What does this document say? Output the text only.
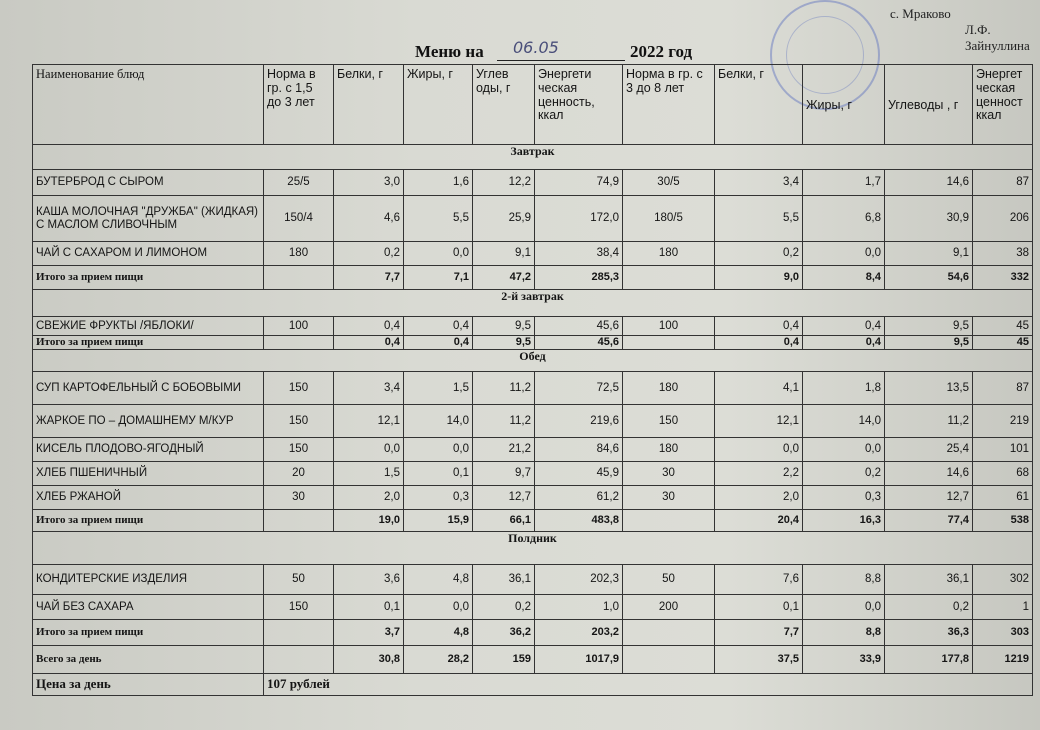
с. Мраково
Л.Ф. Зайнуллина
Меню на 06.05	2022 год
Наименование блюд	Норма в гр. с 1,5 до 3 лет	Белки, г	Жиры, г	Углев оды, г	Энергети ческая ценность, ккал	Норма в гр. с 3 до 8 лет	Белки, г	Жиры, г	Углеводы , г	Энергет ческая ценност ккал
Завтрак										
БУТЕРБРОД С СЫРОМ	25/5	3,0	1,6	12,2	74,9	30/5	3,4	1,7	14,6	87
КАША МОЛОЧНАЯ "ДРУЖБА" (ЖИДКАЯ) С МАСЛОМ СЛИВОЧНЫМ	150/4	4,6	5,5	25,9	172,0	180/5	5,5	6,8	30,9	206
ЧАЙ С САХАРОМ И ЛИМОНОМ	180	0,2	0,0	9,1	38,4	180	0,2	0,0	9,1	38
Итого за прием пищи		7,7	7,1	47,2	285,3		9,0	8,4	54,6	332
2-й завтрак										
СВЕЖИЕ ФРУКТЫ /ЯБЛОКИ/	100	0,4	0,4	9,5	45,6	100	0,4	0,4	9,5	45
Итого за прием пищи		0,4	0,4	9,5	45,6		0,4	0,4	9,5	45
Обед										
СУП КАРТОФЕЛЬНЫЙ С БОБОВЫМИ	150	3,4	1,5	11,2	72,5	180	4,1	1,8	13,5	87
ЖАРКОЕ ПО – ДОМАШНЕМУ М/КУР	150	12,1	14,0	11,2	219,6	150	12,1	14,0	11,2	219
КИСЕЛЬ ПЛОДОВО-ЯГОДНЫЙ	150	0,0	0,0	21,2	84,6	180	0,0	0,0	25,4	101
ХЛЕБ ПШЕНИЧНЫЙ	20	1,5	0,1	9,7	45,9	30	2,2	0,2	14,6	68
ХЛЕБ РЖАНОЙ	30	2,0	0,3	12,7	61,2	30	2,0	0,3	12,7	61
Итого за прием пищи		19,0	15,9	66,1	483,8		20,4	16,3	77,4	538
Полдник										
КОНДИТЕРСКИЕ ИЗДЕЛИЯ	50	3,6	4,8	36,1	202,3	50	7,6	8,8	36,1	302
ЧАЙ БЕЗ САХАРА	150	0,1	0,0	0,2	1,0	200	0,1	0,0	0,2	1
Итого за прием пищи		3,7	4,8	36,2	203,2		7,7	8,8	36,3	303
Всего за день		30,8	28,2	159	1017,9		37,5	33,9	177,8	1219
Цена за день	107 рублей									
